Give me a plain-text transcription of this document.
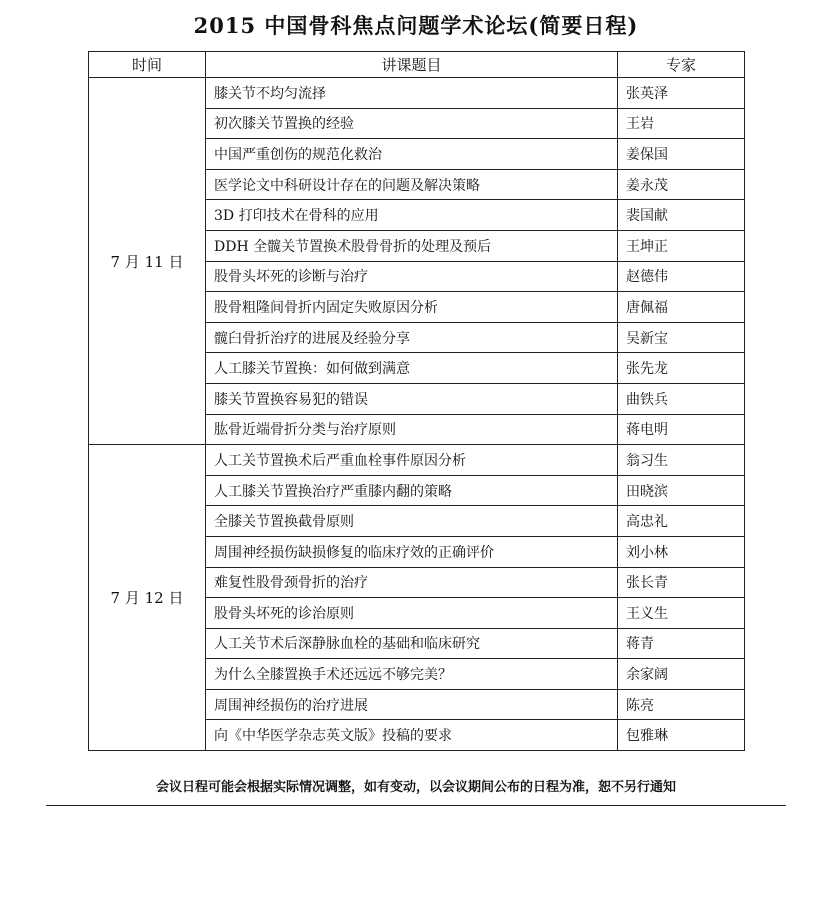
2015 中国骨科焦点问题学术论坛(简要日程)
时间	讲课题目	专家
7 月 11 日	膝关节不均匀流择	张英泽
	初次膝关节置换的经验	王岩
	中国严重创伤的规范化救治	姜保国
	医学论文中科研设计存在的问题及解决策略	姜永茂
	3D 打印技术在骨科的应用	裴国献
	DDH 全髋关节置换术股骨骨折的处理及预后	王坤正
	股骨头坏死的诊断与治疗	赵德伟
	股骨粗隆间骨折内固定失败原因分析	唐佩福
	髋臼骨折治疗的进展及经验分享	吴新宝
	人工膝关节置换：如何做到满意	张先龙
	膝关节置换容易犯的错误	曲铁兵
	肱骨近端骨折分类与治疗原则	蒋电明
7 月 12 日	人工关节置换术后严重血栓事件原因分析	翁习生
	人工膝关节置换治疗严重膝内翻的策略	田晓滨
	全膝关节置换截骨原则	高忠礼
	周围神经损伤缺损修复的临床疗效的正确评价	刘小林
	难复性股骨颈骨折的治疗	张长青
	股骨头坏死的诊治原则	王义生
	人工关节术后深静脉血栓的基础和临床研究	蒋青
	为什么全膝置换手术还远远不够完美？	余家阔
	周围神经损伤的治疗进展	陈亮
	向《中华医学杂志英文版》投稿的要求	包雅琳
会议日程可能会根据实际情况调整，如有变动，以会议期间公布的日程为准，恕不另行通知
